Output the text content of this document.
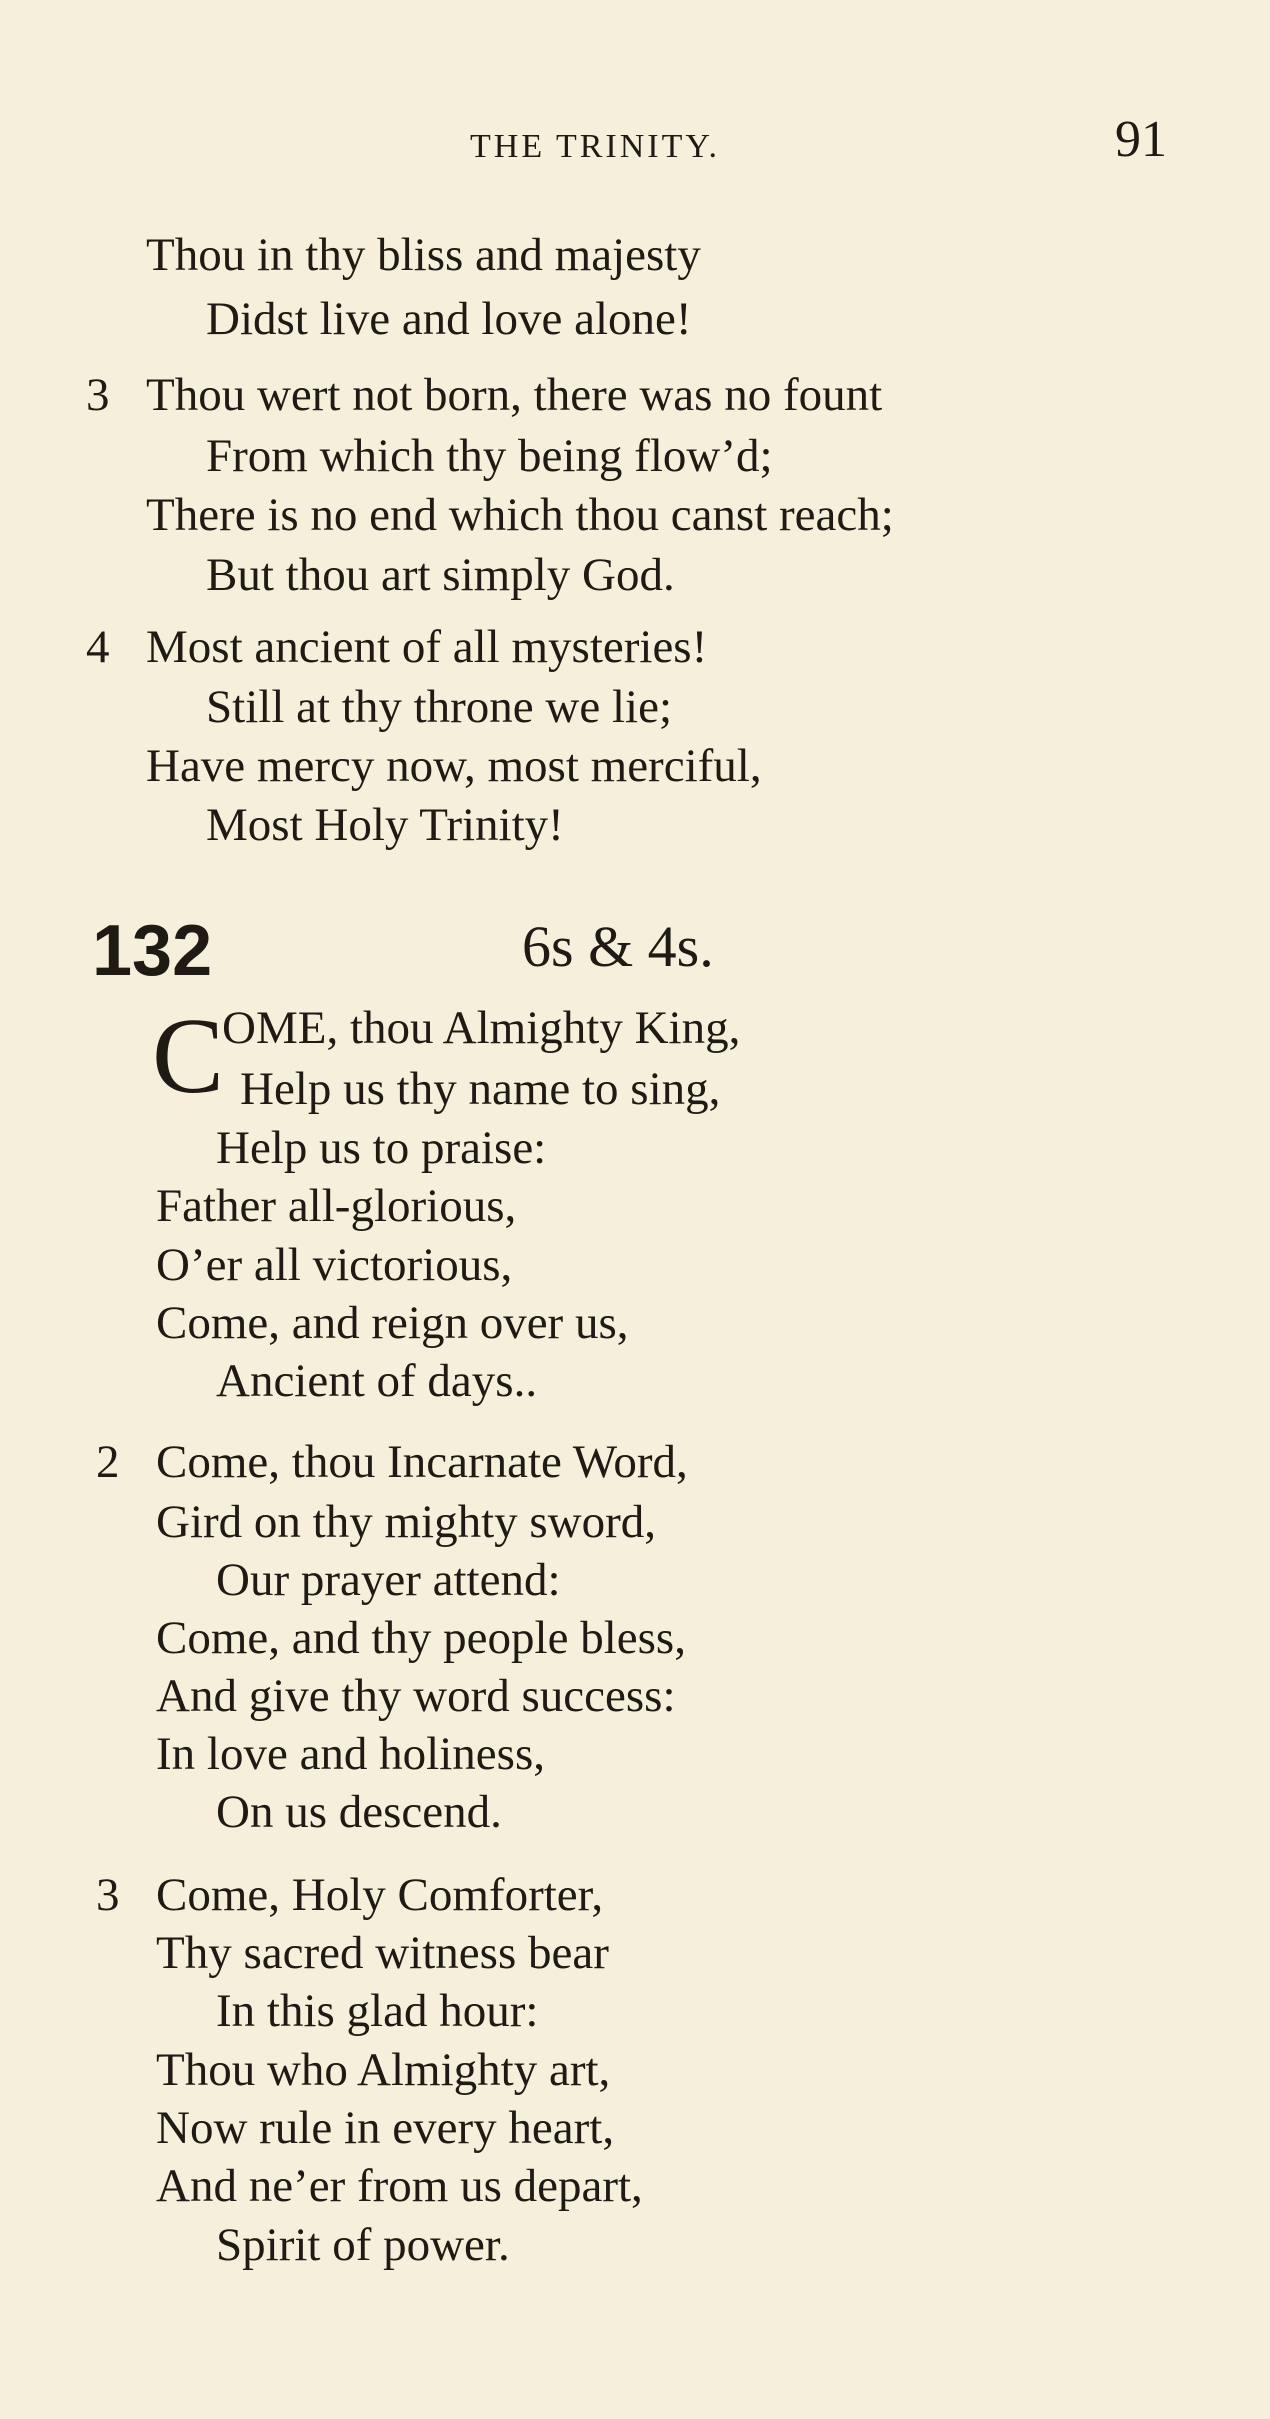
THE TRINITY.	91
Thou in thy bliss and majesty
Didst live and love alone!
3 Thou wert not born, there was no fount
From which thy being flow’d;
There is no end which thou canst reach;
But thou art simply God.
4 Most ancient of all mysteries!
Still at thy throne we lie;
Have mercy now, most merciful,
Most Holy Trinity!
132	6s & 4s.
C
OME, thou Almighty King,
Help us thy name to sing,
Help us to praise:
Father all-glorious,
O’er all victorious,
Come, and reign over us,
Ancient of days..
2 Come, thou Incarnate Word,
Gird on thy mighty sword,
Our prayer attend:
Come, and thy people bless,
And give thy word success:
In love and holiness,
On us descend.
3 Come, Holy Comforter,
Thy sacred witness bear
In this glad hour:
Thou who Almighty art,
Now rule in every heart,
And ne’er from us depart,
Spirit of power.
